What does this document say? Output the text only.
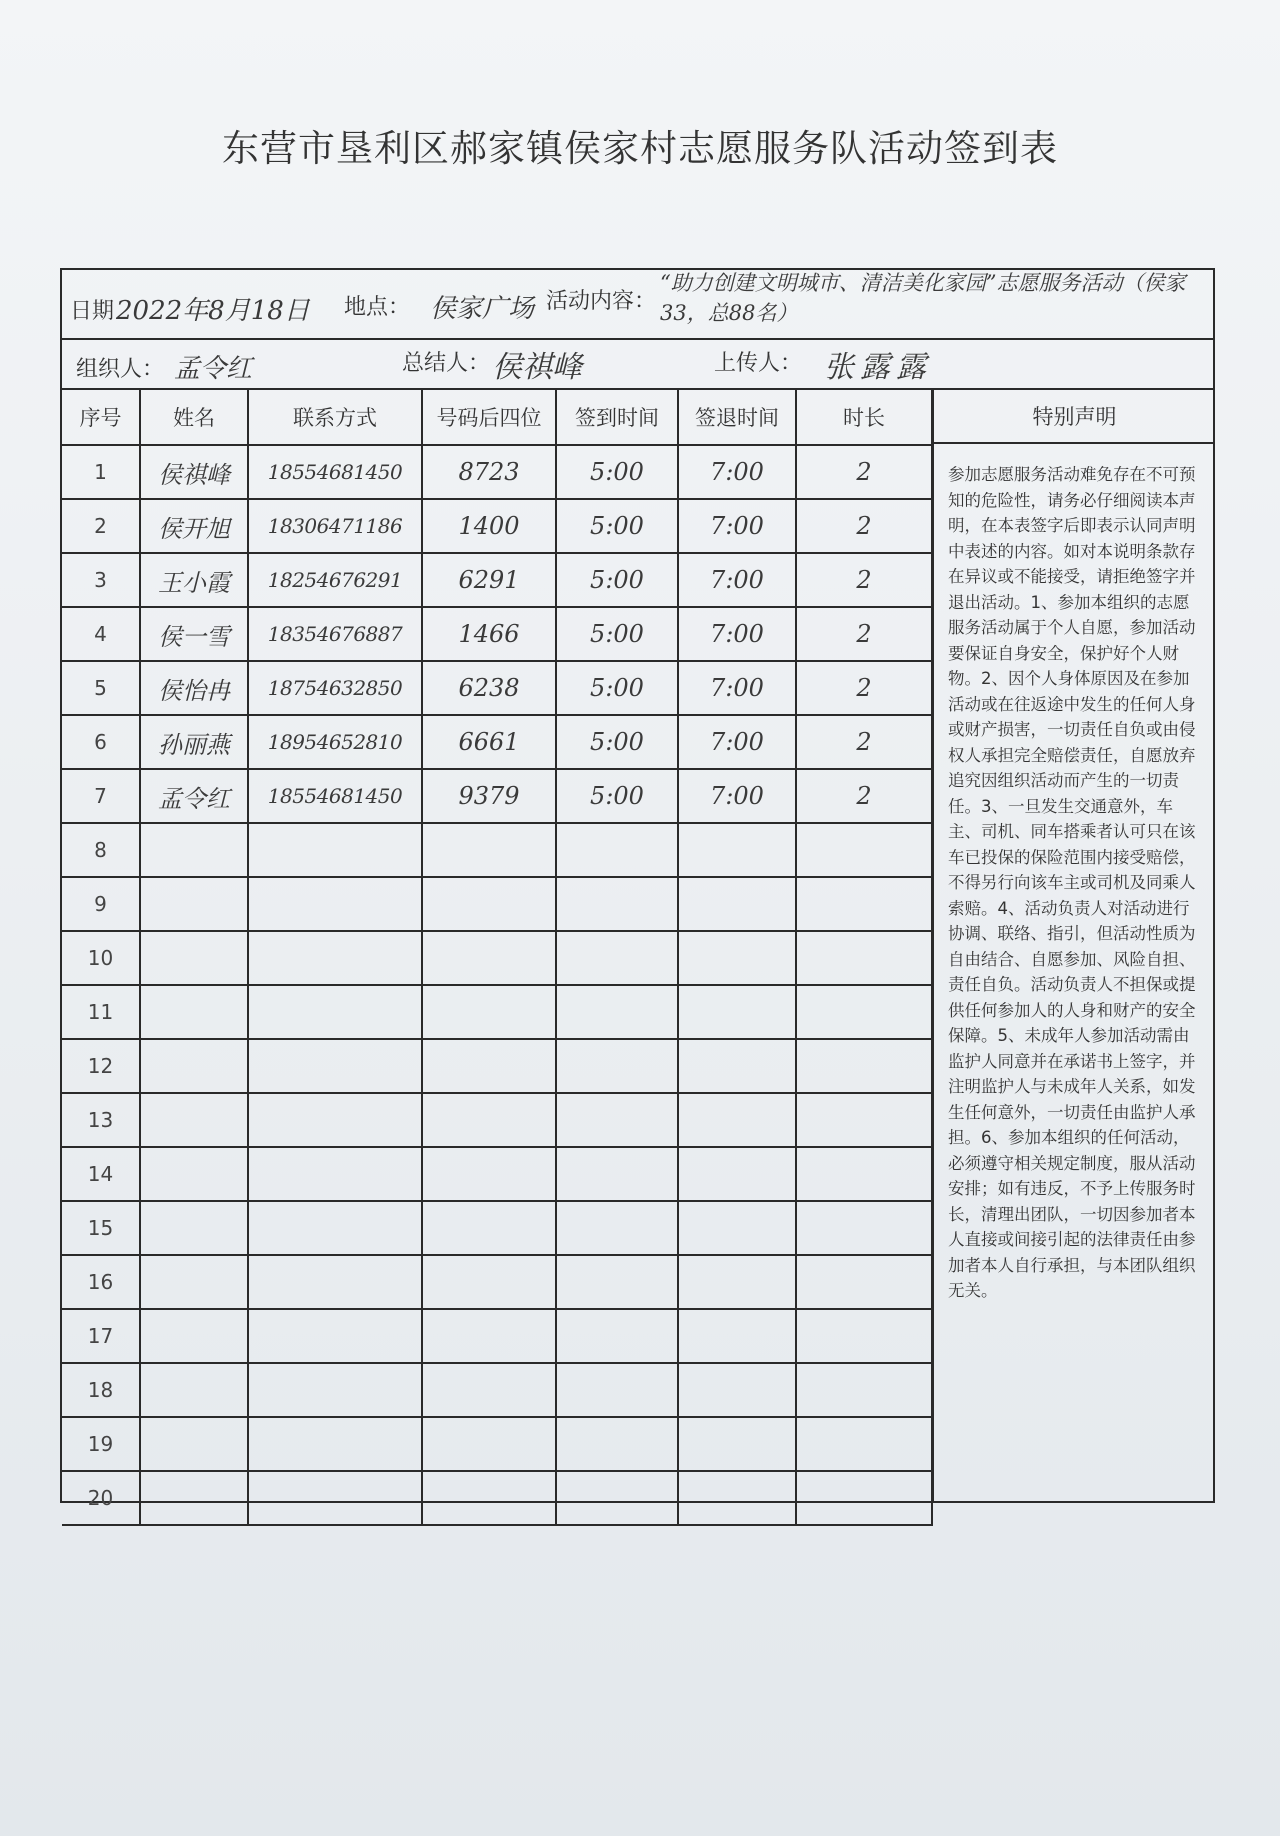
东营市垦利区郝家镇侯家村志愿服务队活动签到表
日期 2022年8月18日 地点： 侯家广场 活动内容：
“助力创建文明城市、清洁美化家园”志愿服务活动（侯家33，总88名）
组织人： 孟令红	总结人： 侯祺峰	上传人： 张露露
序号	姓名	联系方式	号码后四位	签到时间	签退时间	时长
1	侯祺峰	18554681450	8723	5:00	7:00	2
2	侯开旭	18306471186	1400	5:00	7:00	2
3	王小霞	18254676291	6291	5:00	7:00	2
4	侯一雪	18354676887	1466	5:00	7:00	2
5	侯怡冉	18754632850	6238	5:00	7:00	2
6	孙丽燕	18954652810	6661	5:00	7:00	2
7	孟令红	18554681450	9379	5:00	7:00	2
8						
9						
10						
11						
12						
13						
14						
15						
16						
17						
18						
19						
20						
特别声明
参加志愿服务活动难免存在不可预知的危险性，请务必仔细阅读本声明，在本表签字后即表示认同声明中表述的内容。如对本说明条款存在异议或不能接受，请拒绝签字并退出活动。1、参加本组织的志愿服务活动属于个人自愿，参加活动要保证自身安全，保护好个人财物。2、因个人身体原因及在参加活动或在往返途中发生的任何人身或财产损害，一切责任自负或由侵权人承担完全赔偿责任，自愿放弃追究因组织活动而产生的一切责任。3、一旦发生交通意外，车主、司机、同车搭乘者认可只在该车已投保的保险范围内接受赔偿，不得另行向该车主或司机及同乘人索赔。4、活动负责人对活动进行协调、联络、指引，但活动性质为自由结合、自愿参加、风险自担、责任自负。活动负责人不担保或提供任何参加人的人身和财产的安全保障。5、未成年人参加活动需由监护人同意并在承诺书上签字，并注明监护人与未成年人关系，如发生任何意外，一切责任由监护人承担。6、参加本组织的任何活动，必须遵守相关规定制度，服从活动安排；如有违反，不予上传服务时长，清理出团队，一切因参加者本人直接或间接引起的法律责任由参加者本人自行承担，与本团队组织无关。
